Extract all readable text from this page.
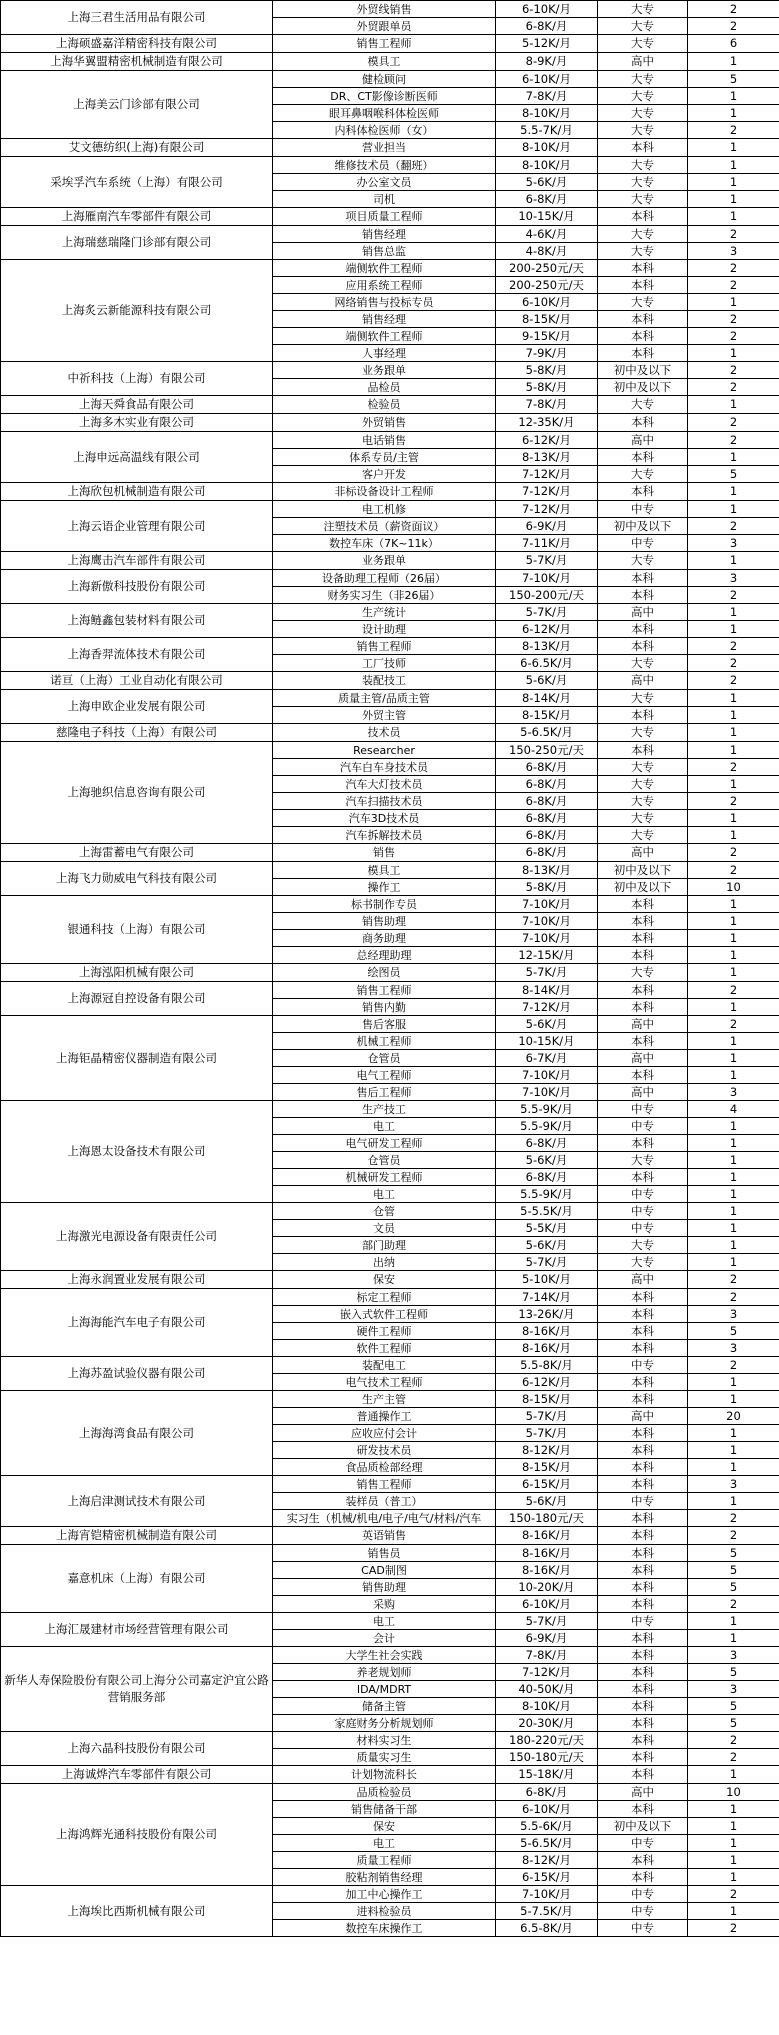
上海三君生活用品有限公司	外贸线销售	6-10K/月	大专	2
	外贸跟单员	6-8K/月	大专	2
上海硕盛嘉洋精密科技有限公司	销售工程师	5-12K/月	大专	6
上海华翼盟精密机械制造有限公司	模具工	8-9K/月	高中	1
上海美云门诊部有限公司	健检顾问	6-10K/月	大专	5
	DR、CT影像诊断医师	7-8K/月	大专	1
	眼耳鼻咽喉科体检医师	8-10K/月	大专	1
	内科体检医师（女）	5.5-7K/月	大专	2
艾文德纺织(上海)有限公司	营业担当	8-10K/月	本科	1
采埃孚汽车系统（上海）有限公司	维修技术员（翻班）	8-10K/月	大专	1
	办公室文员	5-6K/月	大专	1
	司机	6-8K/月	大专	1
上海雁南汽车零部件有限公司	项目质量工程师	10-15K/月	本科	1
上海瑞慈瑞隆门诊部有限公司	销售经理	4-6K/月	大专	2
	销售总监	4-8K/月	大专	3
上海炙云新能源科技有限公司	端侧软件工程师	200-250元/天	本科	2
	应用系统工程师	200-250元/天	本科	2
	网络销售与投标专员	6-10K/月	大专	1
	销售经理	8-15K/月	本科	2
	端侧软件工程师	9-15K/月	本科	2
	人事经理	7-9K/月	本科	1
中祈科技（上海）有限公司	业务跟单	5-8K/月	初中及以下	2
	品检员	5-8K/月	初中及以下	2
上海天舜食品有限公司	检验员	7-8K/月	大专	1
上海多木实业有限公司	外贸销售	12-35K/月	本科	2
上海申远高温线有限公司	电话销售	6-12K/月	高中	2
	体系专员/主管	8-13K/月	本科	1
	客户开发	7-12K/月	大专	5
上海欣包机械制造有限公司	非标设备设计工程师	7-12K/月	本科	1
上海云语企业管理有限公司	电工机修	7-12K/月	中专	1
	注塑技术员（薪资面议）	6-9K/月	初中及以下	2
	数控车床（7K~11k）	7-11K/月	中专	3
上海鹰击汽车部件有限公司	业务跟单	5-7K/月	大专	1
上海新傲科技股份有限公司	设备助理工程师（26届）	7-10K/月	本科	3
	财务实习生（非26届）	150-200元/天	本科	2
上海鲢鑫包装材料有限公司	生产统计	5-7K/月	高中	1
	设计助理	6-12K/月	本科	1
上海香羿流体技术有限公司	销售工程师	8-13K/月	本科	2
	工厂技师	6-6.5K/月	大专	2
诺亘（上海）工业自动化有限公司	装配技工	5-6K/月	高中	2
上海申欧企业发展有限公司	质量主管/品质主管	8-14K/月	大专	1
	外贸主管	8-15K/月	本科	1
慈隆电子科技（上海）有限公司	技术员	5-6.5K/月	大专	1
上海驰织信息咨询有限公司	Researcher	150-250元/天	本科	1
	汽车白车身技术员	6-8K/月	大专	2
	汽车大灯技术员	6-8K/月	大专	1
	汽车扫描技术员	6-8K/月	大专	2
	汽车3D技术员	6-8K/月	大专	1
	汽车拆解技术员	6-8K/月	大专	1
上海雷蓄电气有限公司	销售	6-8K/月	高中	2
上海飞力勋威电气科技有限公司	模具工	8-13K/月	初中及以下	2
	操作工	5-8K/月	初中及以下	10
银通科技（上海）有限公司	标书制作专员	7-10K/月	本科	1
	销售助理	7-10K/月	本科	1
	商务助理	7-10K/月	本科	1
	总经理助理	12-15K/月	本科	1
上海泓阳机械有限公司	绘图员	5-7K/月	大专	1
上海源冠自控设备有限公司	销售工程师	8-14K/月	本科	2
	销售内勤	7-12K/月	本科	1
上海钜晶精密仪器制造有限公司	售后客服	5-6K/月	高中	2
	机械工程师	10-15K/月	本科	1
	仓管员	6-7K/月	高中	1
	电气工程师	7-10K/月	本科	1
	售后工程师	7-10K/月	高中	3
上海恩太设备技术有限公司	生产技工	5.5-9K/月	中专	4
	电工	5.5-9K/月	中专	1
	电气研发工程师	6-8K/月	本科	1
	仓管员	5-6K/月	大专	1
	机械研发工程师	6-8K/月	本科	1
	电工	5.5-9K/月	中专	1
上海激光电源设备有限责任公司	仓管	5-5.5K/月	中专	1
	文员	5-5K/月	中专	1
	部门助理	5-6K/月	大专	1
	出纳	5-7K/月	大专	1
上海永润置业发展有限公司	保安	5-10K/月	高中	2
上海海能汽车电子有限公司	标定工程师	7-14K/月	本科	2
	嵌入式软件工程师	13-26K/月	本科	3
	硬件工程师	8-16K/月	本科	5
	软件工程师	8-16K/月	本科	3
上海苏盈试验仪器有限公司	装配电工	5.5-8K/月	中专	2
	电气技术工程师	6-12K/月	本科	1
上海海湾食品有限公司	生产主管	8-15K/月	本科	1
	普通操作工	5-7K/月	高中	20
	应收应付会计	5-7K/月	本科	1
	研发技术员	8-12K/月	本科	1
	食品质检部经理	8-15K/月	本科	1
上海启津测试技术有限公司	销售工程师	6-15K/月	本科	3
	装样员（普工）	5-6K/月	中专	1
	实习生（机械/机电/电子/电气/材料/汽车	150-180元/天	本科	2
上海宵铠精密机械制造有限公司	英语销售	8-16K/月	本科	2
嘉意机床（上海）有限公司	销售员	8-16K/月	本科	5
	CAD制图	8-16K/月	本科	5
	销售助理	10-20K/月	本科	5
	采购	6-10K/月	本科	2
上海汇晟建材市场经营管理有限公司	电工	5-7K/月	中专	1
	会计	6-9K/月	本科	1
新华人寿保险股份有限公司上海分公司嘉定沪宜公路营销服务部	大学生社会实践	7-8K/月	本科	3
	养老规划师	7-12K/月	本科	5
	IDA/MDRT	40-50K/月	本科	3
	储备主管	8-10K/月	本科	5
	家庭财务分析规划师	20-30K/月	本科	5
上海六晶科技股份有限公司	材料实习生	180-220元/天	本科	2
	质量实习生	150-180元/天	本科	2
上海诚烨汽车零部件有限公司	计划物流科长	15-18K/月	本科	1
上海鸿辉光通科技股份有限公司	品质检验员	6-8K/月	高中	10
	销售储备干部	6-10K/月	本科	1
	保安	5.5-6K/月	初中及以下	1
	电工	5-6.5K/月	中专	1
	质量工程师	8-12K/月	本科	1
	胶粘剂销售经理	6-15K/月	本科	1
上海埃比西斯机械有限公司	加工中心操作工	7-10K/月	中专	2
	进料检验员	5-7.5K/月	中专	1
	数控车床操作工	6.5-8K/月	中专	2
